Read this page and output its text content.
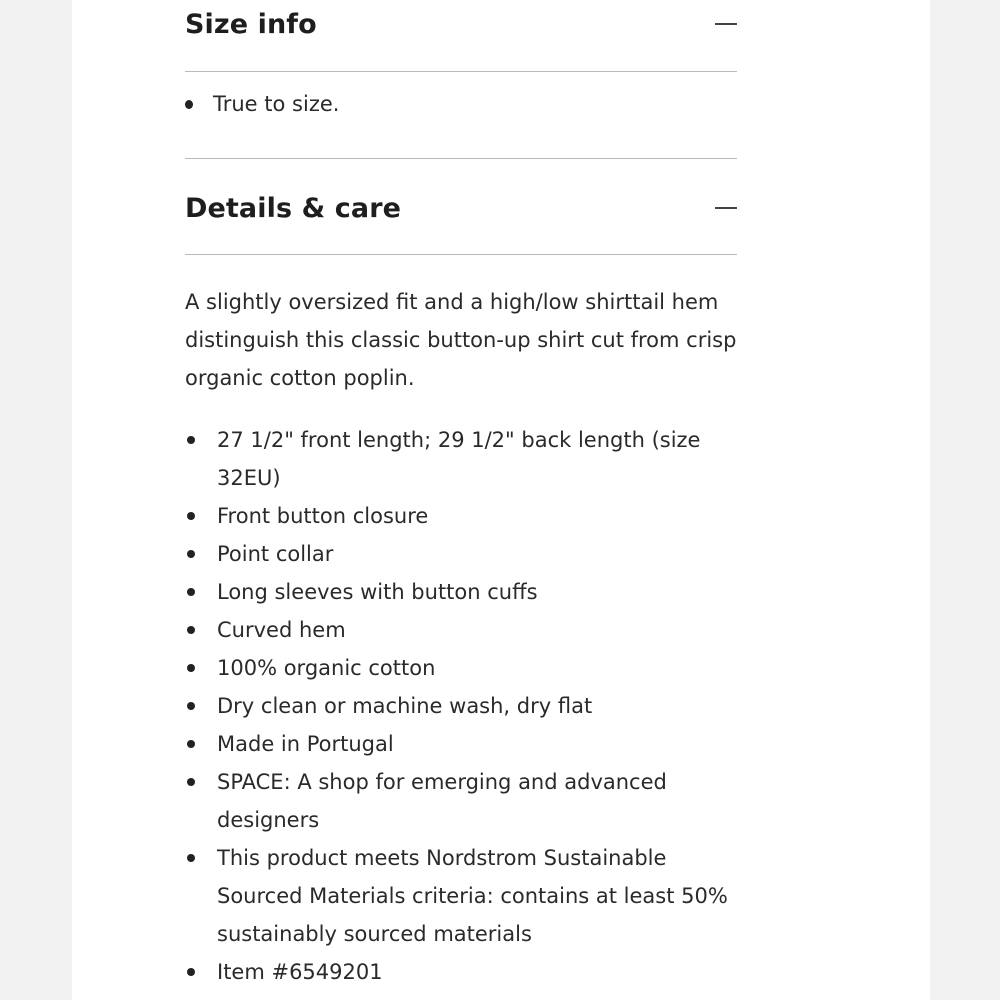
Size info
True to size.
Details & care
A slightly oversized fit and a high/low shirttail hem distinguish this classic button-up shirt cut from crisp organic cotton poplin.
27 1/2" front length; 29 1/2" back length (size 32EU)
Front button closure
Point collar
Long sleeves with button cuffs
Curved hem
100% organic cotton
Dry clean or machine wash, dry flat
Made in Portugal
SPACE: A shop for emerging and advanced designers
This product meets Nordstrom Sustainable Sourced Materials criteria: contains at least 50% sustainably sourced materials
Item #6549201
